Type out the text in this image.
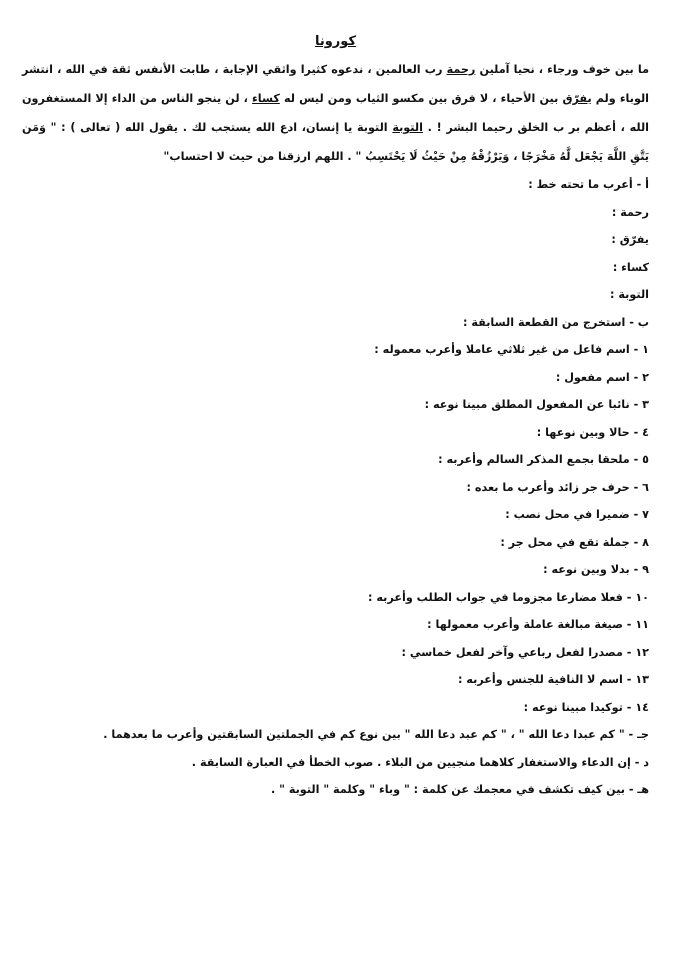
كورونا

ما بين خوف ورجاء ، نحيا آملين رحمة رب العالمين ، ندعوه كثيرا واثقي الإجابة ، طابت الأنفس ثقة في الله ، انتشر الوباء ولم يفرّق بين الأحياء ، لا فرق بين مكسو الثياب ومن ليس له كساء ، لن ينجو الناس من الداء إلا المستغفرون الله ، أعظم بر ب الخلق رحيما البشر ! . التوبة التوبة يا إنسان، ادع الله يستجب لك . يقول الله ( تعالى ) : " وَمَن يَتَّقِ اللَّهَ يَجْعَل لَّهُ مَخْرَجًا ، وَيَرْزُقْهُ مِنْ حَيْثُ لَا يَحْتَسِبُ " . اللهم ارزقنا من حيث لا احتساب"

أ - أعرب ما تحته خط :
رحمة :
يفرّق :
كساء :
التوبة :
ب - استخرج من القطعة السابقة :
١ - اسم فاعل من غير ثلاثي عاملا وأعرب معموله :
٢ - اسم مفعول :
٣ - نائبا عن المفعول المطلق مبينا نوعه :
٤ - حالا وبين نوعها :
٥ - ملحقا بجمع المذكر السالم وأعربه :
٦ - حرف جر زائد وأعرب ما بعده :
٧ - ضميرا في محل نصب :
٨ - جملة تقع في محل جر :
٩ - بدلا وبين نوعه :
١٠ - فعلا مضارعا مجزوما في جواب الطلب وأعربه :
١١ - صيغة مبالغة عاملة وأعرب معمولها :
١٢ - مصدرا لفعل رباعي وآخر لفعل خماسي :
١٣ - اسم لا النافية للجنس وأعربه :
١٤ - توكيدا مبينا نوعه :
جـ - " كم عبدا دعا الله " ، " كم عبد دعا الله " بين نوع كم في الجملتين السابقتين وأعرب ما بعدهما .
د - إن الدعاء والاستغفار كلاهما منجيين من البلاء . صوب الخطأ في العبارة السابقة .
هـ - بين كيف تكشف في معجمك عن كلمة : " وباء " وكلمة " التوبة " .
